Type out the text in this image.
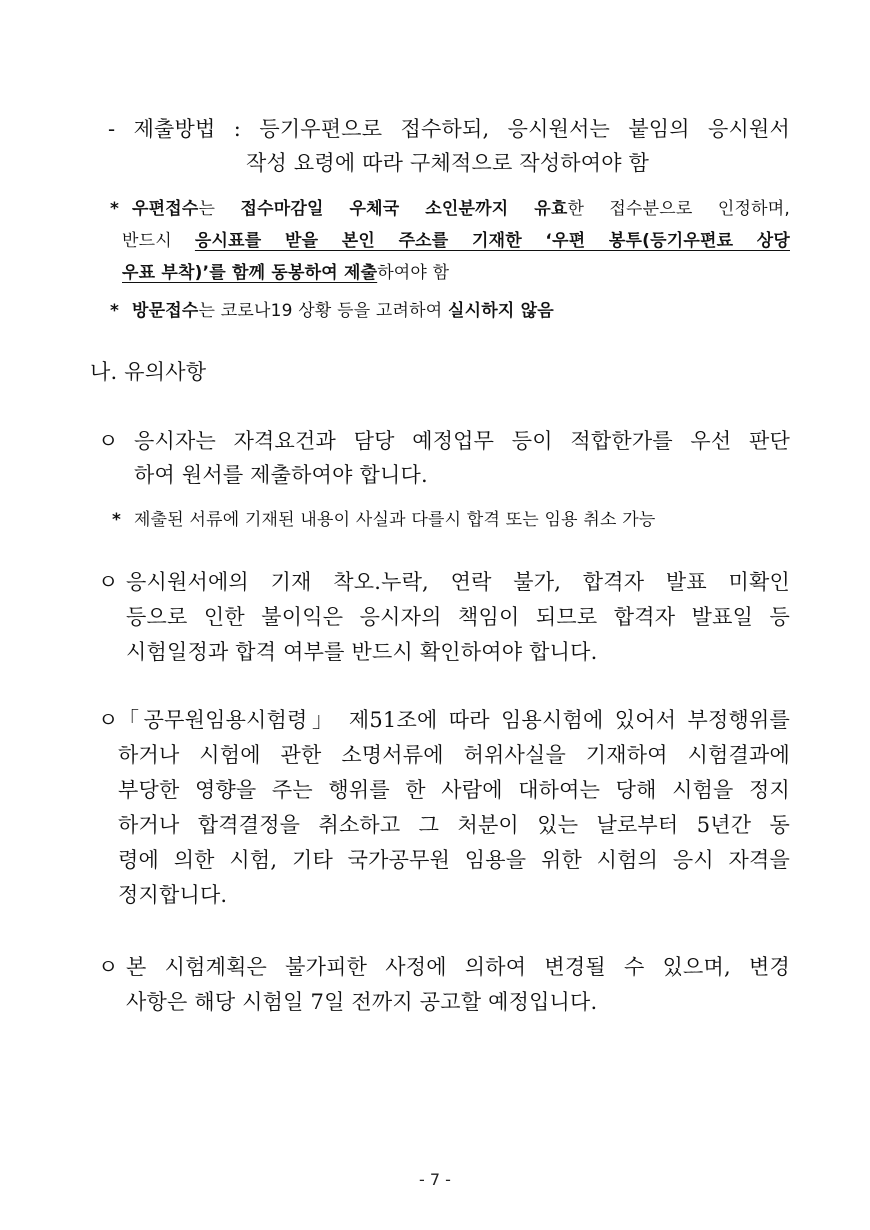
- 제출방법 : 등기우편으로 접수하되, 응시원서는 붙임의 응시원서
작성 요령에 따라 구체적으로 작성하여야 함
* 우편접수는 접수마감일 우체국 소인분까지 유효한 접수분으로 인정하며,
반드시 응시표를 받을 본인 주소를 기재한 ‘우편 봉투(등기우편료 상당
우표 부착)’를 함께 동봉하여 제출하여야 함
* 방문접수는 코로나19 상황 등을 고려하여 실시하지 않음
나. 유의사항
ㅇ 응시자는 자격요건과 담당 예정업무 등이 적합한가를 우선 판단
하여 원서를 제출하여야 합니다.
* 제출된 서류에 기재된 내용이 사실과 다를시 합격 또는 임용 취소 가능
ㅇ 응시원서에의 기재 착오.누락, 연락 불가, 합격자 발표 미확인
등으로 인한 불이익은 응시자의 책임이 되므로 합격자 발표일 등
시험일정과 합격 여부를 반드시 확인하여야 합니다.
ㅇ 「공무원임용시험령」 제51조에 따라 임용시험에 있어서 부정행위를
하거나 시험에 관한 소명서류에 허위사실을 기재하여 시험결과에
부당한 영향을 주는 행위를 한 사람에 대하여는 당해 시험을 정지
하거나 합격결정을 취소하고 그 처분이 있는 날로부터 5년간 동
령에 의한 시험, 기타 국가공무원 임용을 위한 시험의 응시 자격을
정지합니다.
ㅇ 본 시험계획은 불가피한 사정에 의하여 변경될 수 있으며, 변경
사항은 해당 시험일 7일 전까지 공고할 예정입니다.
- 7 -
